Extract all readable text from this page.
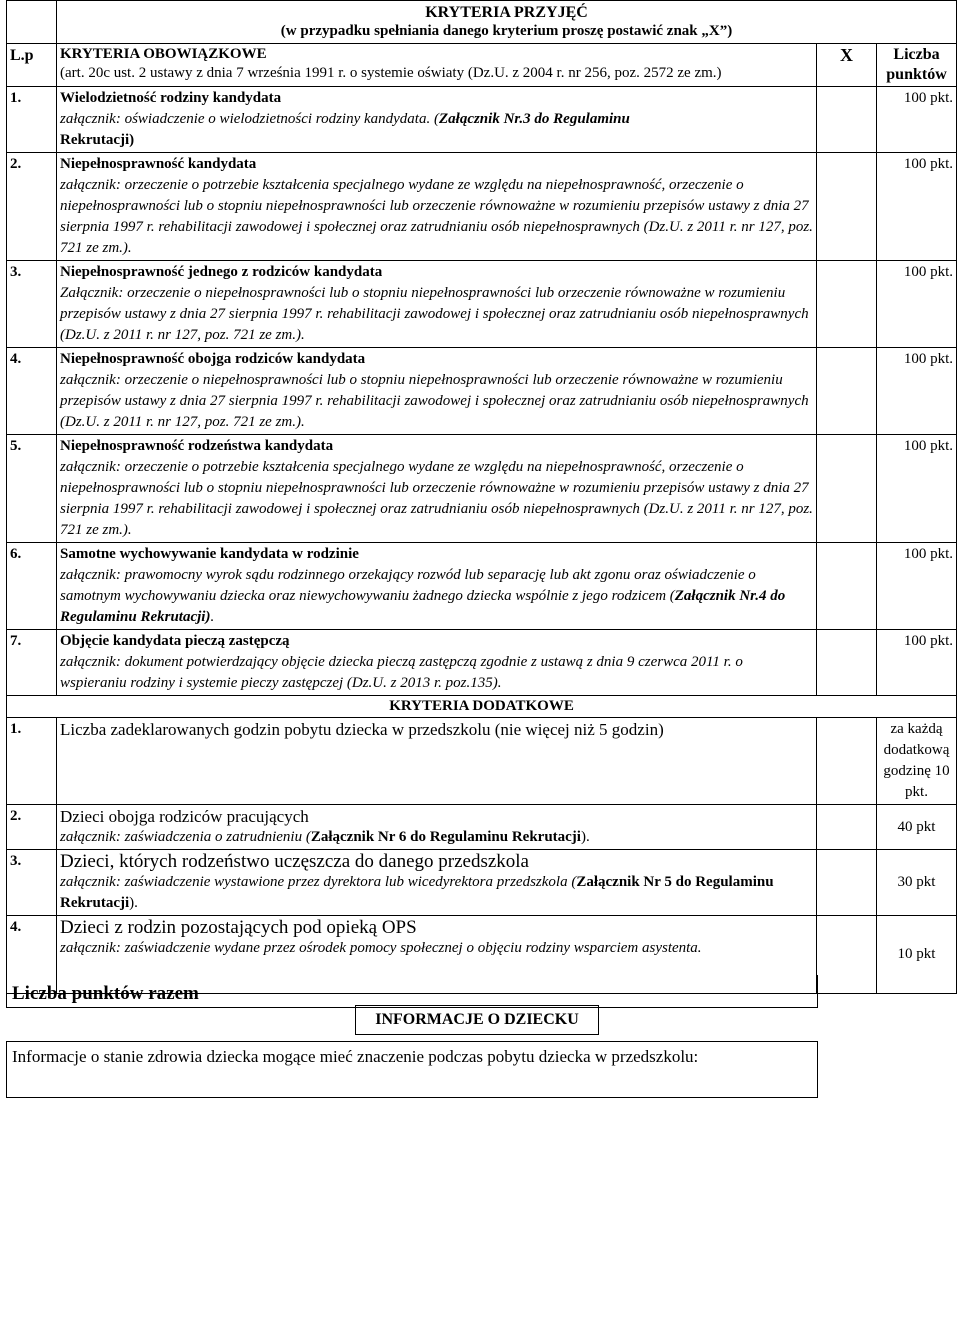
	KRYTERIA PRZYJĘĆ
(w przypadku spełniania danego kryterium proszę postawić znak „X”)		

L.p	KRYTERIA OBOWIĄZKOWE
(art. 20c ust. 2 ustawy z dnia 7 września 1991 r. o systemie oświaty (Dz.U. z 2004 r. nr 256, poz. 2572 ze zm.)	X	Liczba punktów
1.	Wielodzietność rodziny kandydata
załącznik: oświadczenie o wielodzietności rodziny kandydata. (Załącznik Nr.3 do Regulaminu
Rekrutacji)		100 pkt.
2.	Niepełnosprawność kandydata
załącznik: orzeczenie o potrzebie kształcenia specjalnego wydane ze względu na niepełnosprawność, orzeczenie o niepełnosprawności lub o stopniu niepełnosprawności lub orzeczenie równoważne w rozumieniu przepisów ustawy z dnia 27 sierpnia 1997 r. rehabilitacji zawodowej i społecznej oraz zatrudnianiu osób niepełnosprawnych (Dz.U. z 2011 r. nr 127, poz. 721 ze zm.).		100 pkt.
3.	Niepełnosprawność jednego z rodziców kandydata
Załącznik: orzeczenie o niepełnosprawności lub o stopniu niepełnosprawności lub orzeczenie równoważne w rozumieniu przepisów ustawy z dnia 27 sierpnia 1997 r. rehabilitacji zawodowej i społecznej oraz zatrudnianiu osób niepełnosprawnych (Dz.U. z 2011 r. nr 127, poz. 721 ze zm.).		100 pkt.
4.	Niepełnosprawność obojga rodziców kandydata
załącznik: orzeczenie o niepełnosprawności lub o stopniu niepełnosprawności lub orzeczenie równoważne w rozumieniu przepisów ustawy z dnia 27 sierpnia 1997 r. rehabilitacji zawodowej i społecznej oraz zatrudnianiu osób niepełnosprawnych (Dz.U. z 2011 r. nr 127, poz. 721 ze zm.).		100 pkt.
5.	Niepełnosprawność rodzeństwa kandydata
załącznik: orzeczenie o potrzebie kształcenia specjalnego wydane ze względu na niepełnosprawność, orzeczenie o niepełnosprawności lub o stopniu niepełnosprawności lub orzeczenie równoważne w rozumieniu przepisów ustawy z dnia 27 sierpnia 1997 r. rehabilitacji zawodowej i społecznej oraz zatrudnianiu osób niepełnosprawnych (Dz.U. z 2011 r. nr 127, poz. 721 ze zm.).		100 pkt.
6.	Samotne wychowywanie kandydata w rodzinie
załącznik: prawomocny wyrok sądu rodzinnego orzekający rozwód lub separację lub akt zgonu oraz oświadczenie o samotnym wychowywaniu dziecka oraz niewychowywaniu żadnego dziecka wspólnie z jego rodzicem (Załącznik Nr.4 do Regulaminu Rekrutacji).		100 pkt.
7.	Objęcie kandydata pieczą zastępczą
załącznik: dokument potwierdzający objęcie dziecka pieczą zastępczą zgodnie z ustawą z dnia 9 czerwca 2011 r. o wspieraniu rodziny i systemie pieczy zastępczej (Dz.U. z 2013 r. poz.135).		100 pkt.
KRYTERIA DODATKOWE			
1.	Liczba zadeklarowanych godzin pobytu dziecka w przedszkolu (nie więcej niż 5 godzin)		za każdą dodatkową godzinę 10 pkt.
2.	Dzieci obojga rodziców pracujących
załącznik: zaświadczenia o zatrudnieniu (Załącznik Nr 6 do Regulaminu Rekrutacji).		40 pkt
3.	Dzieci, których rodzeństwo uczęszcza do danego przedszkola
załącznik: zaświadczenie wystawione przez dyrektora lub wicedyrektora przedszkola (Załącznik Nr 5 do Regulaminu Rekrutacji).		30 pkt
4.	Dzieci z rodzin pozostających pod opieką OPS
załącznik: zaświadczenie wydane przez ośrodek pomocy społecznej o objęciu rodziny wsparciem asystenta.		10 pkt
Liczba punktów razem
INFORMACJE O DZIECKU
Informacje o stanie zdrowia dziecka mogące mieć znaczenie podczas pobytu dziecka w przedszkolu:
